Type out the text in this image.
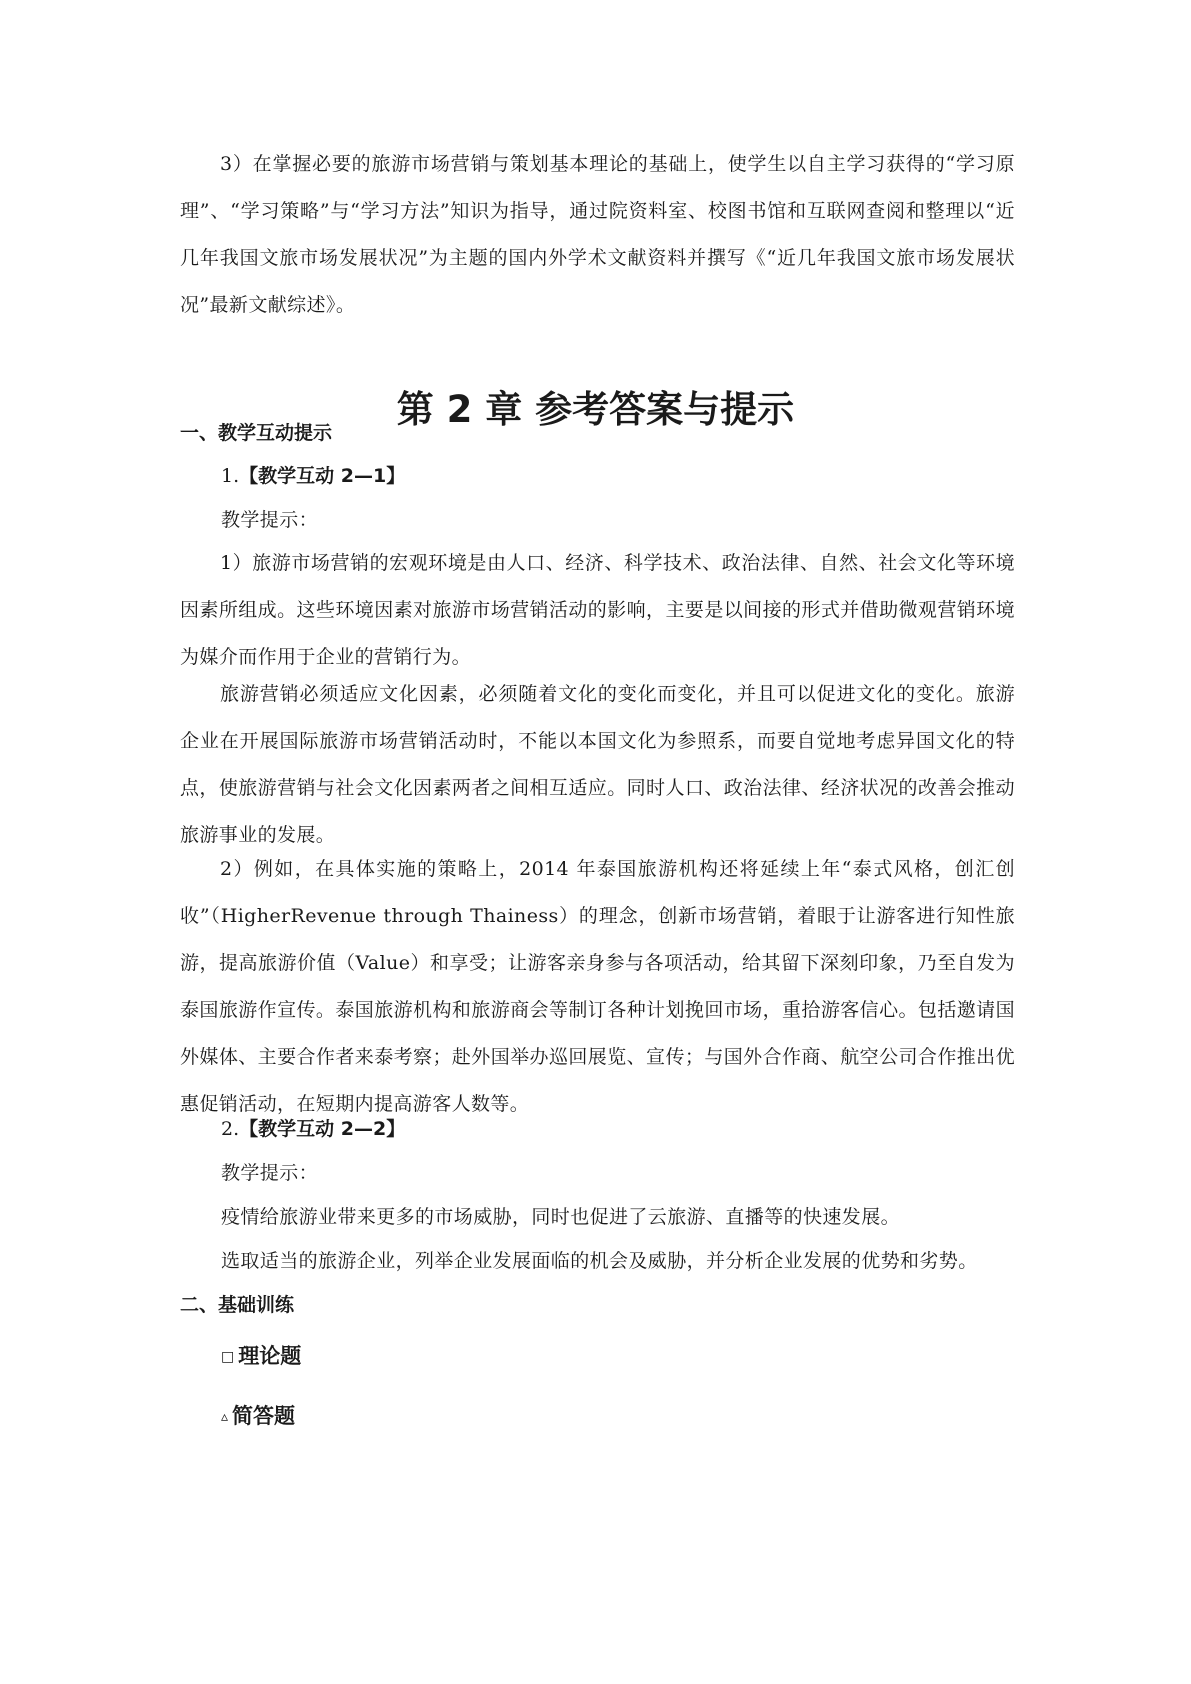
3）在掌握必要的旅游市场营销与策划基本理论的基础上，使学生以自主学习获得的“学习原理”、“学习策略”与“学习方法”知识为指导，通过院资料室、校图书馆和互联网查阅和整理以“近几年我国文旅市场发展状况”为主题的国内外学术文献资料并撰写《“近几年我国文旅市场发展状况”最新文献综述》。

第 2 章 参考答案与提示
一、教学互动提示
1.【教学互动 2—1】

教学提示：

1）旅游市场营销的宏观环境是由人口、经济、科学技术、政治法律、自然、社会文化等环境因素所组成。这些环境因素对旅游市场营销活动的影响，主要是以间接的形式并借助微观营销环境为媒介而作用于企业的营销行为。

旅游营销必须适应文化因素，必须随着文化的变化而变化，并且可以促进文化的变化。旅游企业在开展国际旅游市场营销活动时，不能以本国文化为参照系，而要自觉地考虑异国文化的特点，使旅游营销与社会文化因素两者之间相互适应。同时人口、政治法律、经济状况的改善会推动旅游事业的发展。

2）例如，在具体实施的策略上，2014 年泰国旅游机构还将延续上年“泰式风格，创汇创收”（HigherRevenue through Thainess）的理念，创新市场营销，着眼于让游客进行知性旅游，提高旅游价值（Value）和享受；让游客亲身参与各项活动，给其留下深刻印象，乃至自发为泰国旅游作宣传。泰国旅游机构和旅游商会等制订各种计划挽回市场，重拾游客信心。包括邀请国外媒体、主要合作者来泰考察；赴外国举办巡回展览、宣传；与国外合作商、航空公司合作推出优惠促销活动，在短期内提高游客人数等。

2.【教学互动 2—2】

教学提示：

疫情给旅游业带来更多的市场威胁，同时也促进了云旅游、直播等的快速发展。

选取适当的旅游企业，列举企业发展面临的机会及威胁，并分析企业发展的优势和劣势。

二、基础训练
□ 理论题
▵ 简答题
